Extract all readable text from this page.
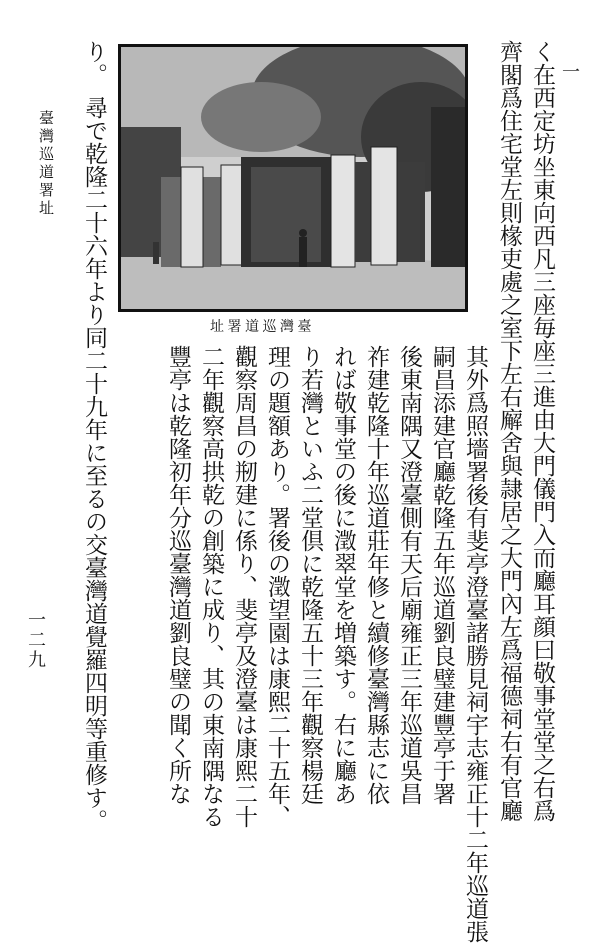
一
く在西定坊坐東向西凡三座毎座三進由大門儀門入而廳耳顔曰敬事堂堂之右爲
齊閣爲住宅堂左則椽吏處之室下左右廨舍與隷居之大門內左爲福德祠右有官廳
址署道巡灣臺
其外爲照墻署後有斐亭澄臺諸勝見祠宇志雍正十二年巡道張
嗣昌添建官廳乾隆五年巡道劉良璧建豐亭于署
後東南隅又澄臺側有天后廟雍正三年巡道吳昌
祚建乾隆十年巡道莊年修と續修臺灣縣志に依
れば敬事堂の後に澂翠堂を増築す。右に廳あ
り若灣といふ二堂倶に乾隆五十三年觀察楊廷
理の題額あり。署後の澂望園は康熙二十五年、
觀察周昌の剏建に係り、斐亭及澄臺は康熙二十
二年觀察高拱乾の創築に成り、其の東南隅なる
豐亭は乾隆初年分巡臺灣道劉良璧の聞く所な
り。
尋で乾隆二十六年より同二十九年に至るの交臺灣道覺羅四明等重修す。
臺灣巡道署址
一二九
